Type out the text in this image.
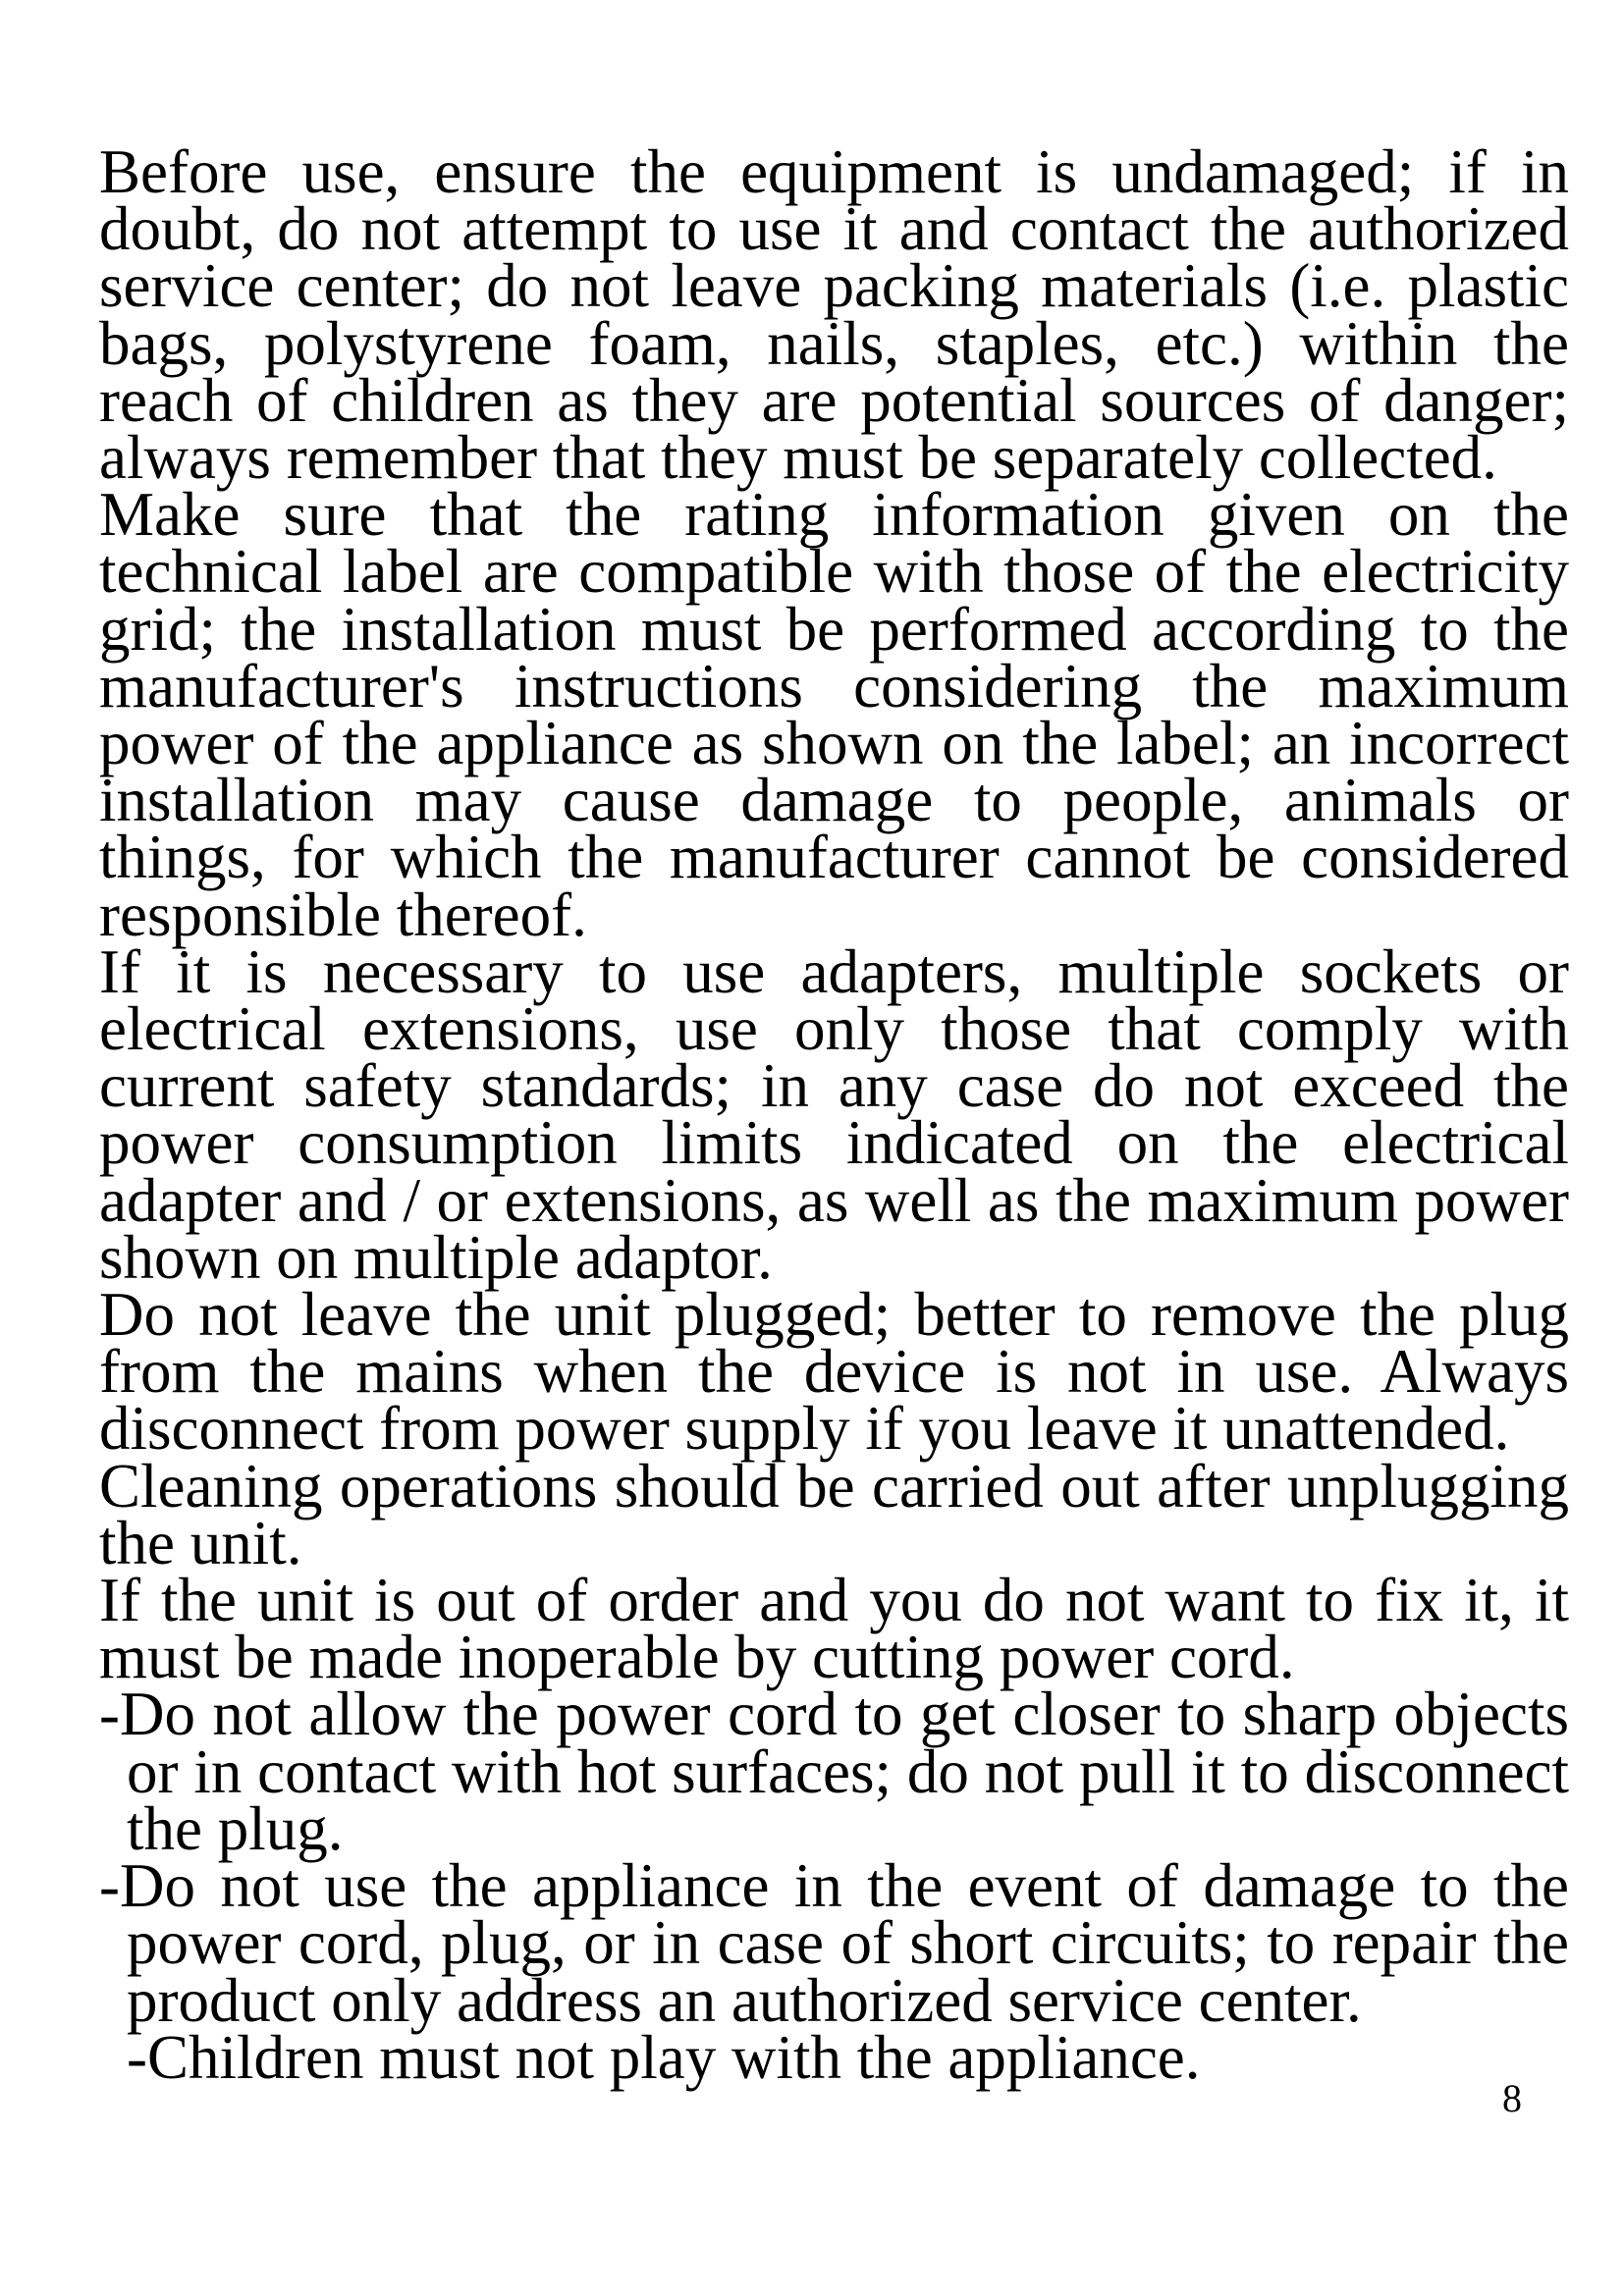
Before use, ensure the equipment is undamaged; if in doubt, do not attempt to use it and contact the authorized service center; do not leave packing materials (i.e. plastic bags, polystyrene foam, nails, staples, etc.) within the reach of children as they are potential sources of danger; always remember that they must be separately collected.

Make sure that the rating information given on the technical label are compatible with those of the electricity grid; the installation must be performed according to the manufacturer's instructions considering the maximum power of the appliance as shown on the label; an incorrect installation may cause damage to people, animals or things, for which the manufacturer cannot be considered responsible thereof.

If it is necessary to use adapters, multiple sockets or electrical extensions, use only those that comply with current safety standards; in any case do not exceed the power consumption limits indicated on the electrical adapter and / or extensions, as well as the maximum power shown on multiple adaptor.

Do not leave the unit plugged; better to remove the plug from the mains when the device is not in use. Always disconnect from power supply if you leave it unattended.

Cleaning operations should be carried out after unplugging the unit.

If the unit is out of order and you do not want to fix it, it must be made inoperable by cutting power cord.

-Do not allow the power cord to get closer to sharp objects or in contact with hot surfaces; do not pull it to disconnect the plug.

-Do not use the appliance in the event of damage to the power cord, plug, or in case of short circuits; to repair the product only address an authorized service center.

-Children must not play with the appliance.

8
